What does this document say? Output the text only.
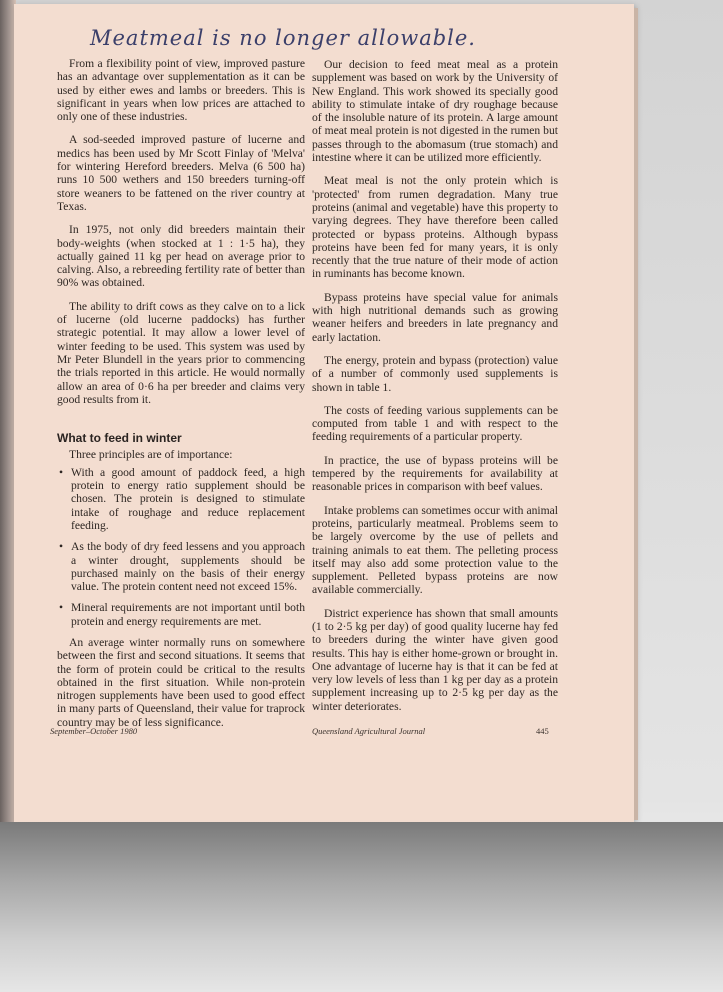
Meatmeal is no longer allowable.

From a flexibility point of view, improved pasture has an advantage over supplementation as it can be used by either ewes and lambs or breeders. This is significant in years when low prices are attached to only one of these industries.

A sod-seeded improved pasture of lucerne and medics has been used by Mr Scott Finlay of 'Melva' for wintering Hereford breeders. Melva (6 500 ha) runs 10 500 wethers and 150 breeders turning-off store weaners to be fattened on the river country at Texas.

In 1975, not only did breeders maintain their body-weights (when stocked at 1 : 1·5 ha), they actually gained 11 kg per head on average prior to calving. Also, a rebreeding fertility rate of better than 90% was obtained.

The ability to drift cows as they calve on to a lick of lucerne (old lucerne paddocks) has further strategic potential. It may allow a lower level of winter feeding to be used. This system was used by Mr Peter Blundell in the years prior to commencing the trials reported in this article. He would normally allow an area of 0·6 ha per breeder and claims very good results from it.

What to feed in winter

Three principles are of importance:

• With a good amount of paddock feed, a high protein to energy ratio supplement should be chosen. The protein is designed to stimulate intake of roughage and reduce replacement feeding.
• As the body of dry feed lessens and you approach a winter drought, supplements should be purchased mainly on the basis of their energy value. The protein content need not exceed 15%.
• Mineral requirements are not important until both protein and energy requirements are met.

An average winter normally runs on somewhere between the first and second situations. It seems that the form of protein could be critical to the results obtained in the first situation. While non-protein nitrogen supplements have been used to good effect in many parts of Queensland, their value for traprock country may be of less significance.

Our decision to feed meat meal as a protein supplement was based on work by the University of New England. This work showed its specially good ability to stimulate intake of dry roughage because of the insoluble nature of its protein. A large amount of meat meal protein is not digested in the rumen but passes through to the abomasum (true stomach) and intestine where it can be utilized more efficiently.

Meat meal is not the only protein which is 'protected' from rumen degradation. Many true proteins (animal and vegetable) have this property to varying degrees. They have therefore been called protected or bypass proteins. Although bypass proteins have been fed for many years, it is only recently that the true nature of their mode of action in ruminants has become known.

Bypass proteins have special value for animals with high nutritional demands such as growing weaner heifers and breeders in late pregnancy and early lactation.

The energy, protein and bypass (protection) value of a number of commonly used supplements is shown in table 1.

The costs of feeding various supplements can be computed from table 1 and with respect to the feeding requirements of a particular property.

In practice, the use of bypass proteins will be tempered by the requirements for availability at reasonable prices in comparison with beef values.

Intake problems can sometimes occur with animal proteins, particularly meatmeal. Problems seem to be largely overcome by the use of pellets and training animals to eat them. The pelleting process itself may also add some protection value to the supplement. Pelleted bypass proteins are now available commercially.

District experience has shown that small amounts (1 to 2·5 kg per day) of good quality lucerne hay fed to breeders during the winter have given good results. This hay is either home-grown or brought in. One advantage of lucerne hay is that it can be fed at very low levels of less than 1 kg per day as a protein supplement increasing up to 2·5 kg per day as the winter deteriorates.

September–October 1980	Queensland Agricultural Journal	445
